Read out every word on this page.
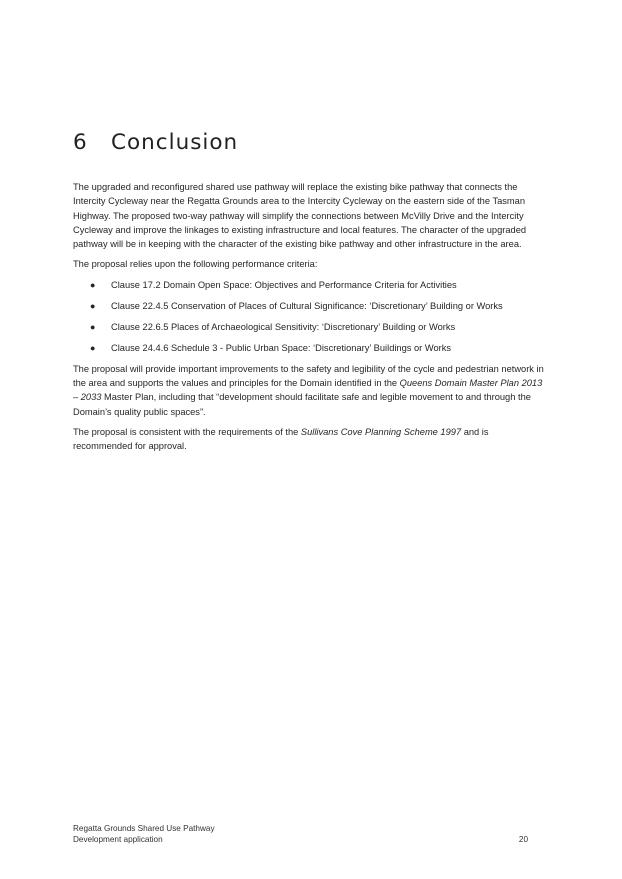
6 Conclusion

The upgraded and reconfigured shared use pathway will replace the existing bike pathway that connects the Intercity Cycleway near the Regatta Grounds area to the Intercity Cycleway on the eastern side of the Tasman Highway. The proposed two-way pathway will simplify the connections between McVilly Drive and the Intercity Cycleway and improve the linkages to existing infrastructure and local features. The character of the upgraded pathway will be in keeping with the character of the existing bike pathway and other infrastructure in the area.

The proposal relies upon the following performance criteria:

● Clause 17.2 Domain Open Space: Objectives and Performance Criteria for Activities
● Clause 22.4.5 Conservation of Places of Cultural Significance: ‘Discretionary’ Building or Works
● Clause 22.6.5 Places of Archaeological Sensitivity: ‘Discretionary’ Building or Works
● Clause 24.4.6 Schedule 3 - Public Urban Space: ‘Discretionary’ Buildings or Works

The proposal will provide important improvements to the safety and legibility of the cycle and pedestrian network in the area and supports the values and principles for the Domain identified in the Queens Domain Master Plan 2013 – 2033 Master Plan, including that “development should facilitate safe and legible movement to and through the Domain’s quality public spaces”.

The proposal is consistent with the requirements of the Sullivans Cove Planning Scheme 1997 and is recommended for approval.

Regatta Grounds Shared Use Pathway
Development application	20
